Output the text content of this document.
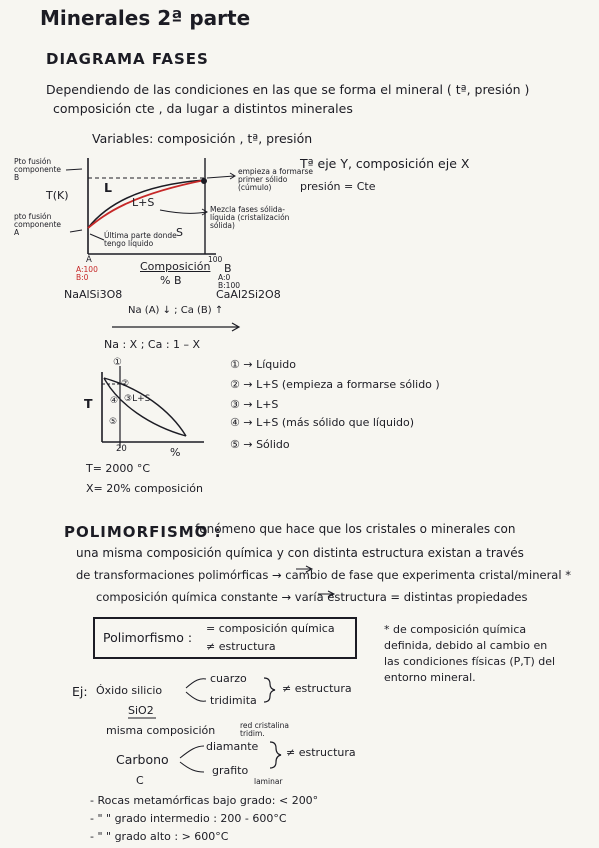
Minerales 2ª parte
DIAGRAMA FASES
Dependiendo de las condiciones en las que se forma el mineral ( tª, presión )
composición cte , da lugar a distintos minerales
Variables: composición , tª, presión
Pto fusión componente B
T(K)
pto fusión componente A
L
L+S
S
empieza a formarse primer sólido (cúmulo)
Mezcla fases sólida-líquida (cristalización sólida)
Última parte donde tengo líquido
Tª eje Y, composición eje X
presión = Cte
A	Composición
100
B
% B
A:100 B:0	A:0 B:100
NaAlSi3O8	CaAl2Si2O8
Na (A) ↓ ; Ca (B) ↑
Na : X ; Ca : 1 – X
T
20	%
①
②
④ ③L+S
⑤
① → Líquido
② → L+S (empieza a formarse sólido )
③ → L+S
④ → L+S (más sólido que líquido)
⑤ → Sólido
T= 2000 °C
X= 20% composición
POLIMORFISMO :
fenómeno que hace que los cristales o minerales con
una misma composición química y con distinta estructura existan a través
de transformaciones polimórficas → cambio de fase que experimenta cristal/mineral *
composición química constante → varía estructura = distintas propiedades
Polimorfismo :
= composición química
≠ estructura
* de composición química definida, debido al cambio en las condiciones físicas (P,T) del entorno mineral.
Ej: Óxido silicio
SiO2
cuarzo
tridimita
≠ estructura
misma composición
Carbono
C
diamante
red cristalina tridim.
grafito
laminar
≠ estructura
- Rocas metamórficas bajo grado: < 200°
- " " grado intermedio : 200 - 600°C
- " " grado alto : > 600°C
